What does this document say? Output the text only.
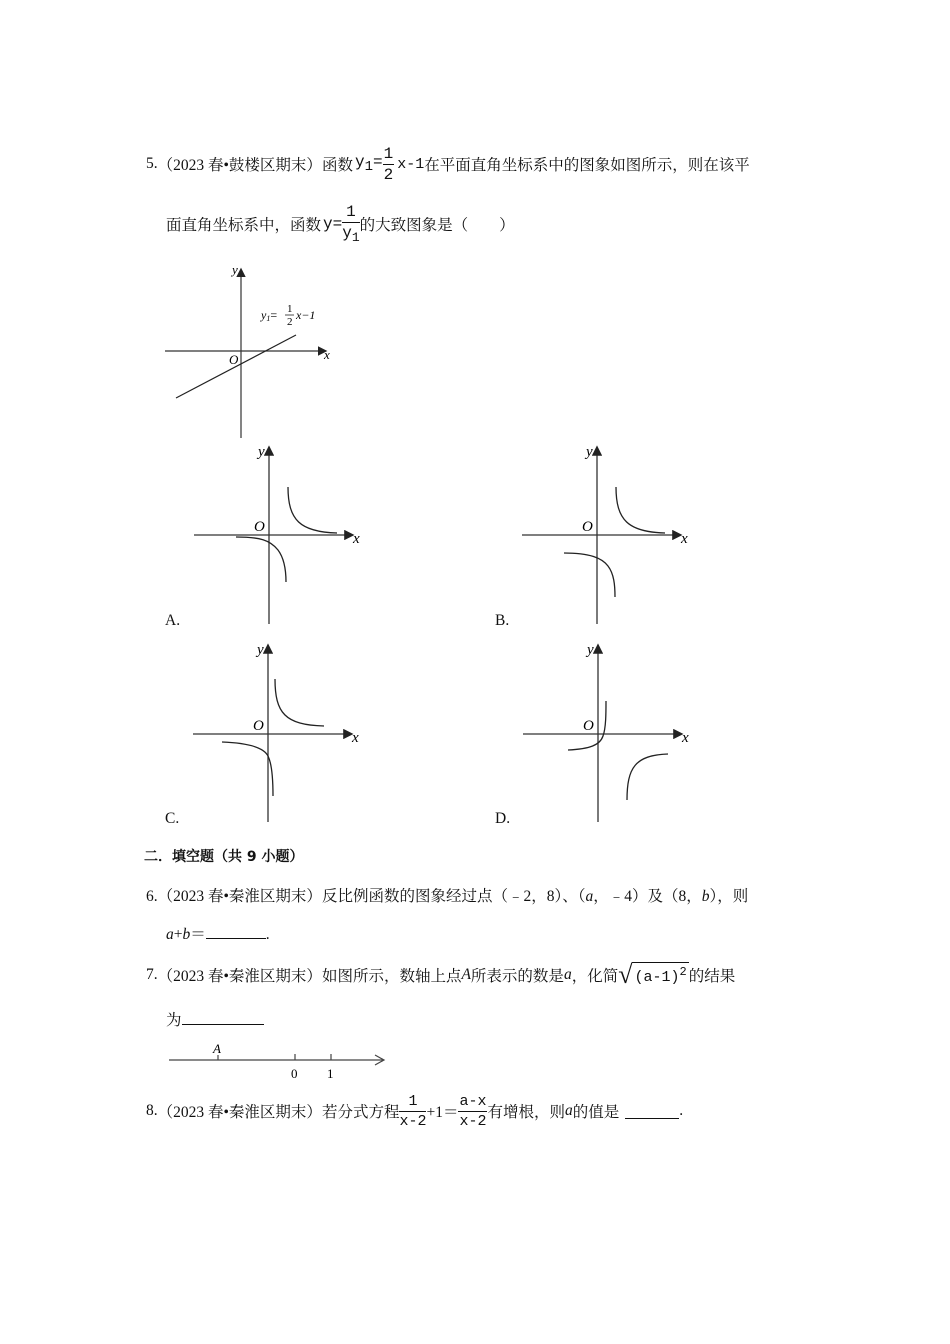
5. （2023 春•鼓楼区期末） 函数 $y_1= \frac{1}{2} x-1$ 在平面直角坐标系中的图象如图所示，则在该平
面直角坐标系中，函数 $y= \frac{1}{y_1}$ 的大致图象是（　　）
y
x
O
y1= 1
2 x−1
y
x
O
A.
y
x
O
B.
y
x
O
C.
y
x
O
D.
二．填空题（共 9 小题）
6.（2023 春•秦淮区期末）反比例函数的图象经过点（﹣2，8）、（a，﹣4）及（8，b），则
a+b＝	.
7. （2023 春•秦淮区期末） 如图所示，数轴上点 A 所表示的数是 a ，化简 √ $(a-1)^2$ 的结果
为
A
0 1
8. （2023 春•秦淮区期末） 若分式方程 $\frac{1}{x-2} +1= \frac{a-x}{x-2}$ 有增根，则 a 的值是	.
